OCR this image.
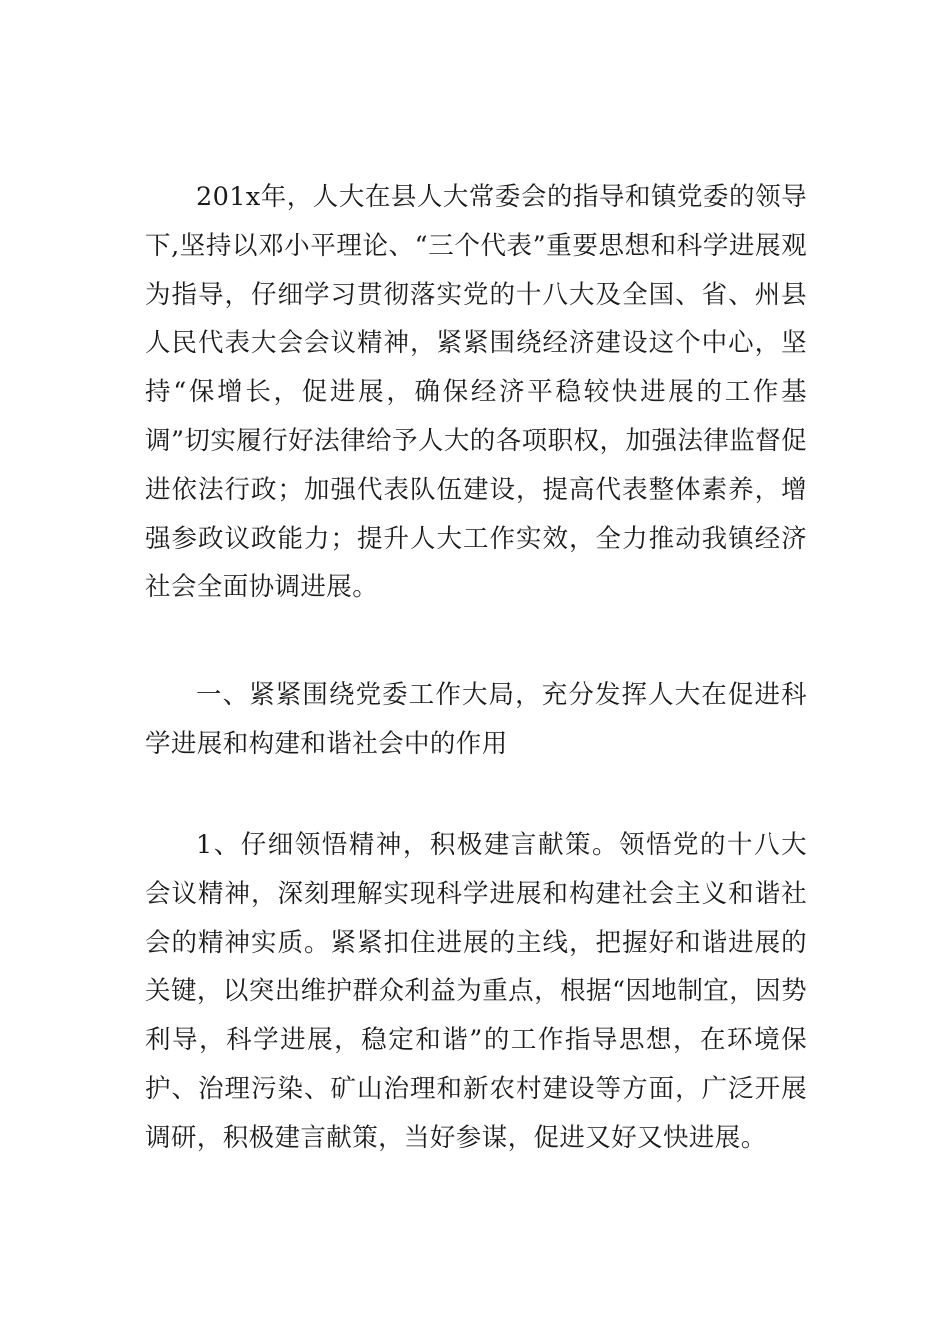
201x年，人大在县人大常委会的指导和镇党委的领导下,坚持以邓小平理论、“三个代表”重要思想和科学进展观为指导，仔细学习贯彻落实党的十八大及全国、省、州县人民代表大会会议精神，紧紧围绕经济建设这个中心，坚持“保增长，促进展，确保经济平稳较快进展的工作基调”切实履行好法律给予人大的各项职权，加强法律监督促进依法行政；加强代表队伍建设，提高代表整体素养，增强参政议政能力；提升人大工作实效，全力推动我镇经济社会全面协调进展。

一、紧紧围绕党委工作大局，充分发挥人大在促进科学进展和构建和谐社会中的作用

1、仔细领悟精神，积极建言献策。领悟党的十八大会议精神，深刻理解实现科学进展和构建社会主义和谐社会的精神实质。紧紧扣住进展的主线，把握好和谐进展的关键，以突出维护群众利益为重点，根据“因地制宜，因势利导，科学进展，稳定和谐”的工作指导思想，在环境保护、治理污染、矿山治理和新农村建设等方面，广泛开展调研，积极建言献策，当好参谋，促进又好又快进展。
